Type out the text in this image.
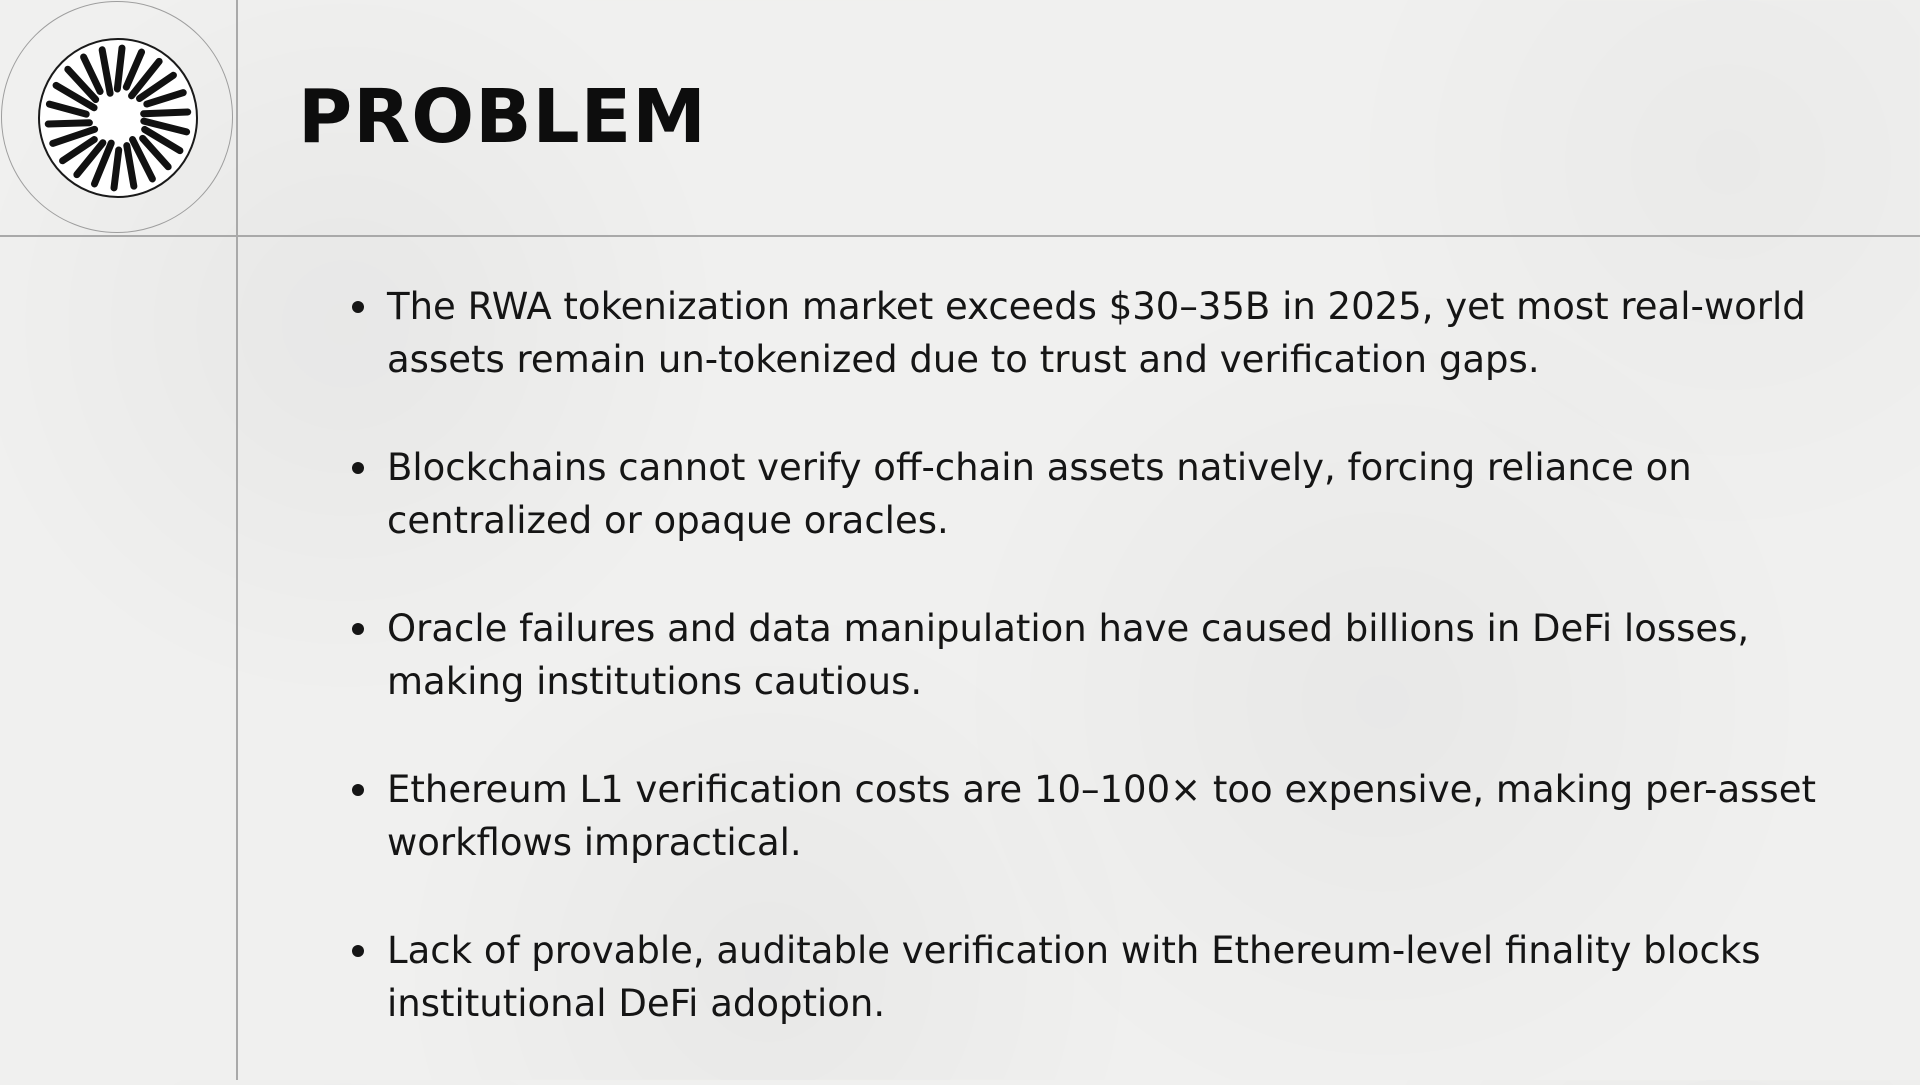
PROBLEM
The RWA tokenization market exceeds $30–35B in 2025, yet most real-world assets remain un-tokenized due to trust and verification gaps.
Blockchains cannot verify off-chain assets natively, forcing reliance on centralized or opaque oracles.
Oracle failures and data manipulation have caused billions in DeFi losses, making institutions cautious.
Ethereum L1 verification costs are 10–100× too expensive, making per-asset workflows impractical.
Lack of provable, auditable verification with Ethereum-level finality blocks institutional DeFi adoption.
